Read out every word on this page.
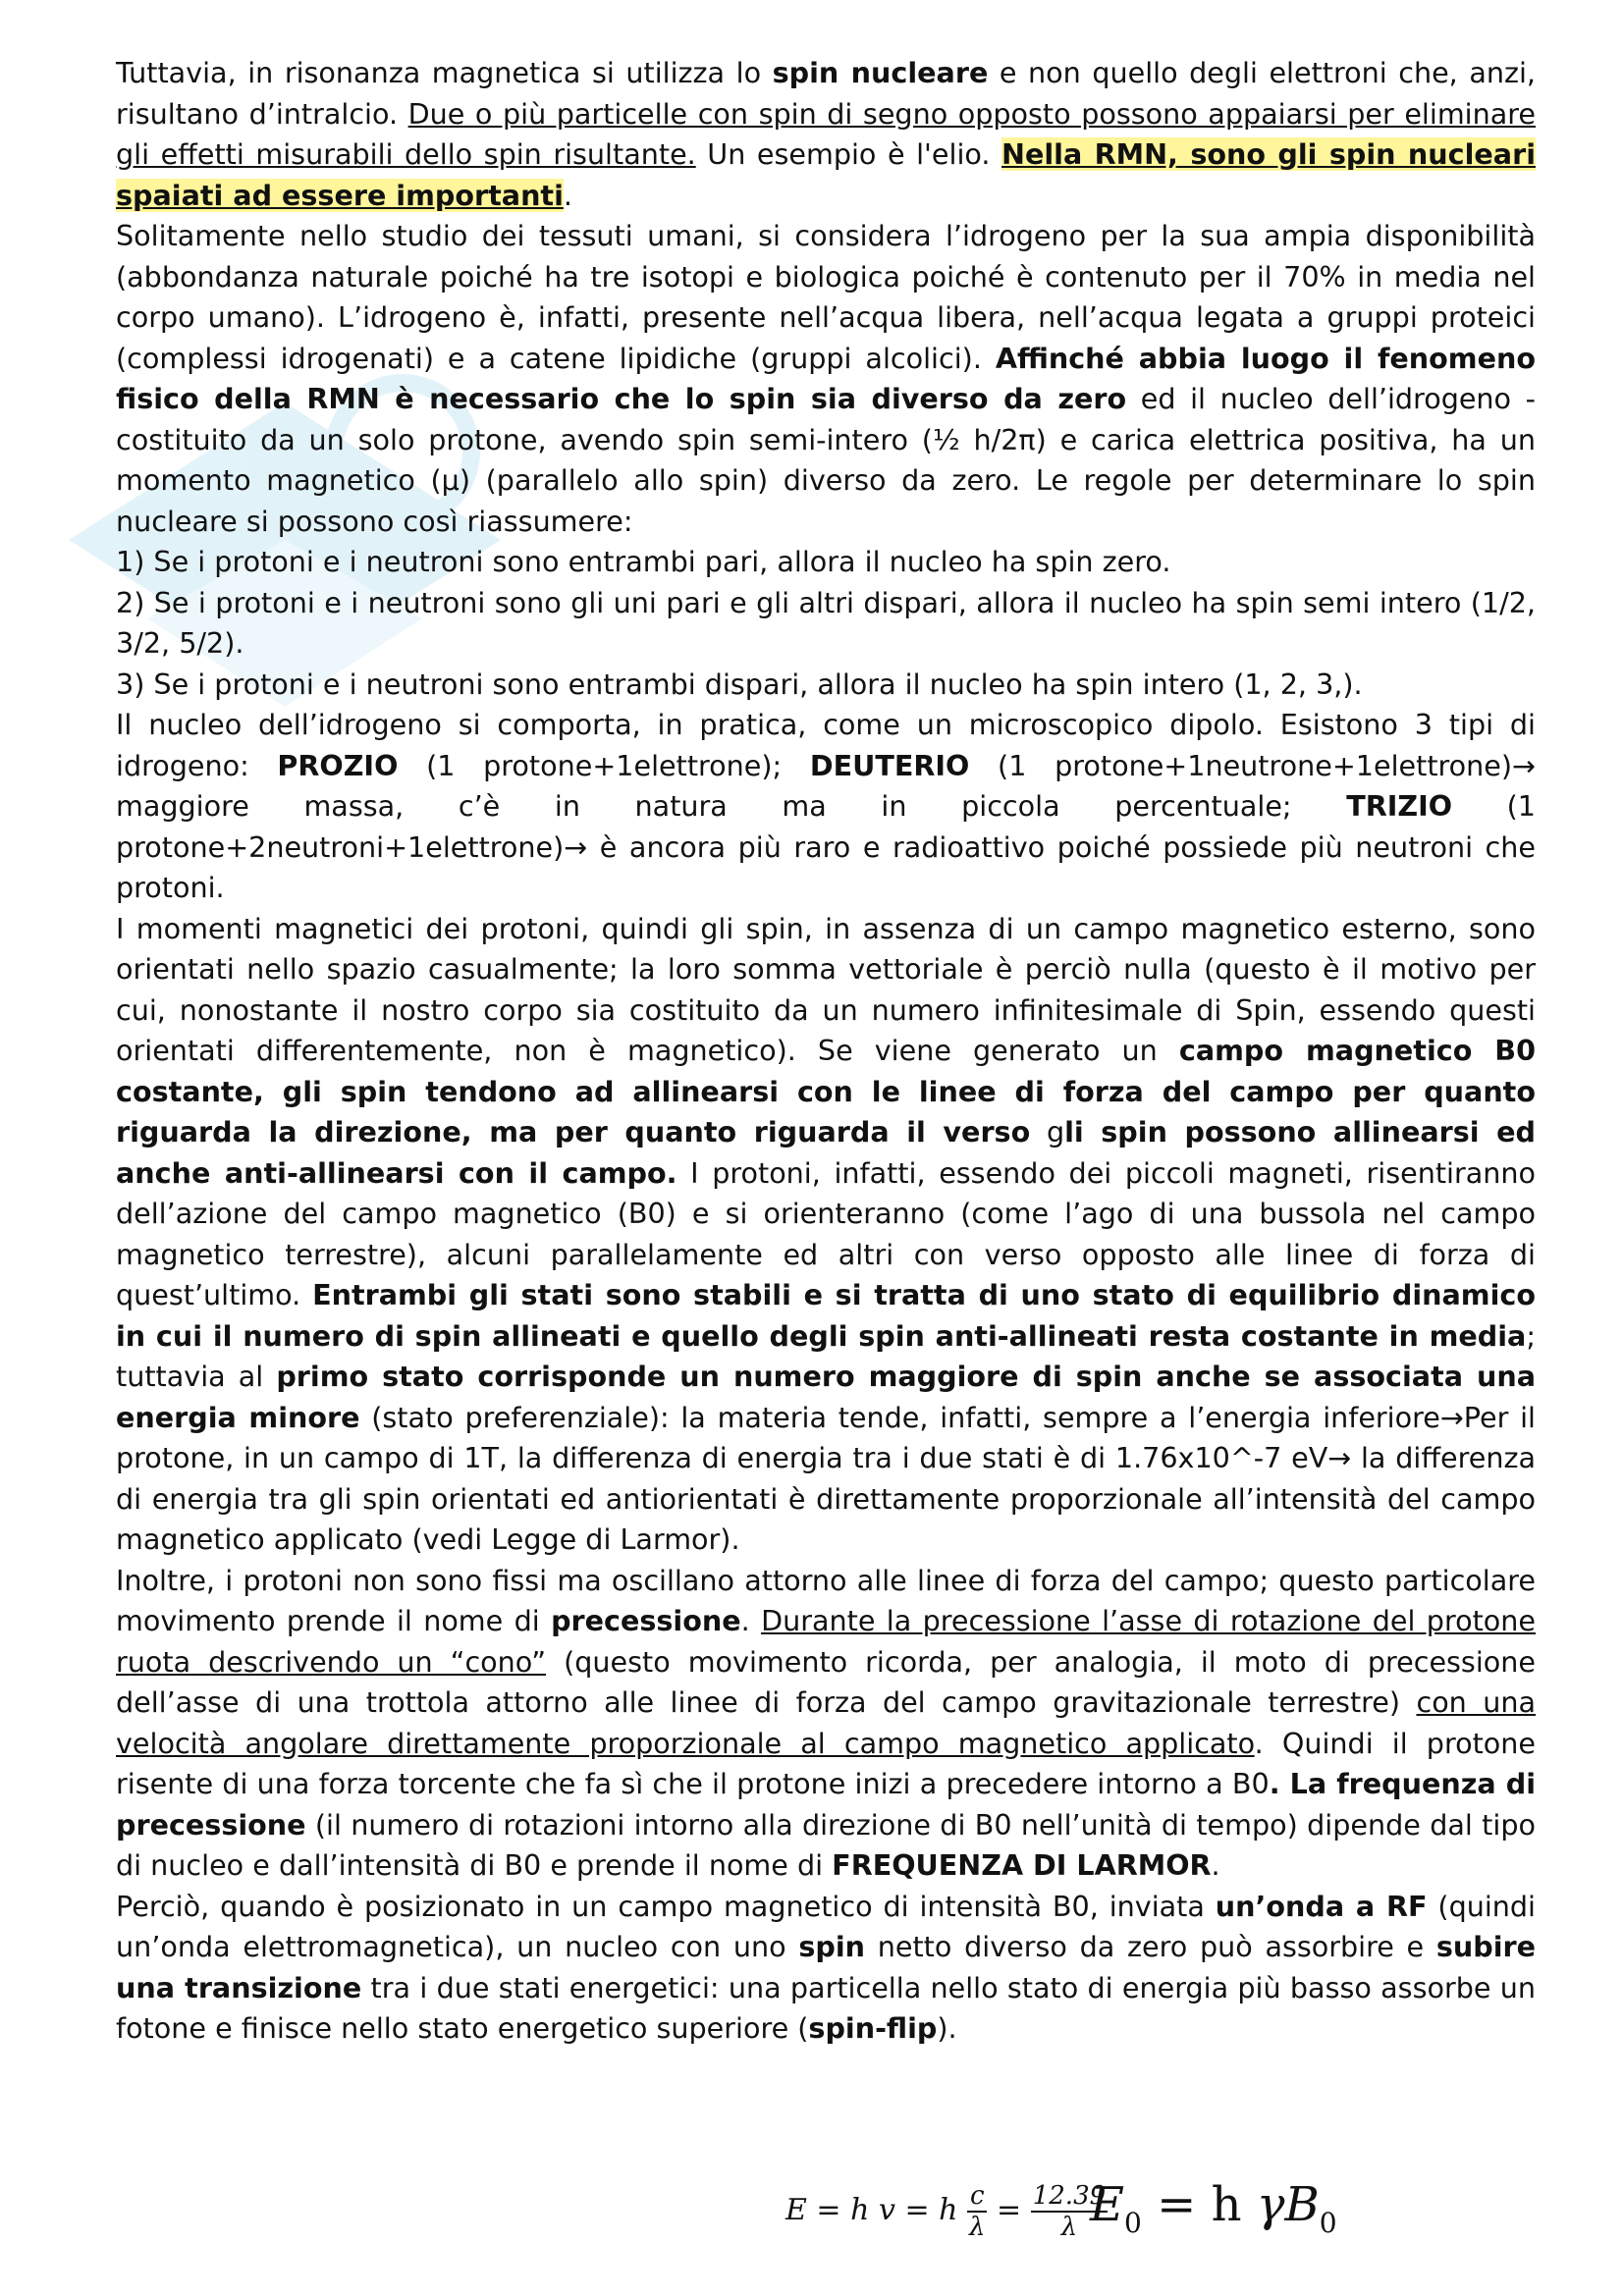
Tuttavia, in risonanza magnetica si utilizza lo spin nucleare e non quello degli elettroni che, anzi, risultano d’intralcio. Due o più particelle con spin di segno opposto possono appaiarsi per eliminare gli effetti misurabili dello spin risultante. Un esempio è l'elio. Nella RMN, sono gli spin nucleari spaiati ad essere importanti.

Solitamente nello studio dei tessuti umani, si considera l’idrogeno per la sua ampia disponibilità (abbondanza naturale poiché ha tre isotopi e biologica poiché è contenuto per il 70% in media nel corpo umano). L’idrogeno è, infatti, presente nell’acqua libera, nell’acqua legata a gruppi proteici (complessi idrogenati) e a catene lipidiche (gruppi alcolici). Affinché abbia luogo il fenomeno fisico della RMN è necessario che lo spin sia diverso da zero ed il nucleo dell’idrogeno - costituito da un solo protone, avendo spin semi-intero (½ h/2π) e carica elettrica positiva, ha un momento magnetico (µ) (parallelo allo spin) diverso da zero. Le regole per determinare lo spin nucleare si possono così riassumere:

1) Se i protoni e i neutroni sono entrambi pari, allora il nucleo ha spin zero.

2) Se i protoni e i neutroni sono gli uni pari e gli altri dispari, allora il nucleo ha spin semi intero (1/2, 3/2, 5/2).

3) Se i protoni e i neutroni sono entrambi dispari, allora il nucleo ha spin intero (1, 2, 3,).

Il nucleo dell’idrogeno si comporta, in pratica, come un microscopico dipolo. Esistono 3 tipi di idrogeno: PROZIO (1 protone+1elettrone); DEUTERIO (1 protone+1neutrone+1elettrone)→ maggiore massa, c’è in natura ma in piccola percentuale; TRIZIO (1 protone+2neutroni+1elettrone)→ è ancora più raro e radioattivo poiché possiede più neutroni che protoni.

I momenti magnetici dei protoni, quindi gli spin, in assenza di un campo magnetico esterno, sono orientati nello spazio casualmente; la loro somma vettoriale è perciò nulla (questo è il motivo per cui, nonostante il nostro corpo sia costituito da un numero infinitesimale di Spin, essendo questi orientati differentemente, non è magnetico). Se viene generato un campo magnetico B0 costante, gli spin tendono ad allinearsi con le linee di forza del campo per quanto riguarda la direzione, ma per quanto riguarda il verso gli spin possono allinearsi ed anche anti-allinearsi con il campo. I protoni, infatti, essendo dei piccoli magneti, risentiranno dell’azione del campo magnetico (B0) e si orienteranno (come l’ago di una bussola nel campo magnetico terrestre), alcuni parallelamente ed altri con verso opposto alle linee di forza di quest’ultimo. Entrambi gli stati sono stabili e si tratta di uno stato di equilibrio dinamico in cui il numero di spin allineati e quello degli spin anti-allineati resta costante in media; tuttavia al primo stato corrisponde un numero maggiore di spin anche se associata una energia minore (stato preferenziale): la materia tende, infatti, sempre a l’energia inferiore→Per il protone, in un campo di 1T, la differenza di energia tra i due stati è di 1.76x10^-7 eV→ la differenza di energia tra gli spin orientati ed antiorientati è direttamente proporzionale all’intensità del campo magnetico applicato (vedi Legge di Larmor).

Inoltre, i protoni non sono fissi ma oscillano attorno alle linee di forza del campo; questo particolare movimento prende il nome di precessione. Durante la precessione l’asse di rotazione del protone ruota descrivendo un “cono” (questo movimento ricorda, per analogia, il moto di precessione dell’asse di una trottola attorno alle linee di forza del campo gravitazionale terrestre) con una velocità angolare direttamente proporzionale al campo magnetico applicato. Quindi il protone risente di una forza torcente che fa sì che il protone inizi a precedere intorno a B0. La frequenza di precessione (il numero di rotazioni intorno alla direzione di B0 nell’unità di tempo) dipende dal tipo di nucleo e dall’intensità di B0 e prende il nome di FREQUENZA DI LARMOR.

Perciò, quando è posizionato in un campo magnetico di intensità B0, inviata un’onda a RF (quindi un’onda elettromagnetica), un nucleo con uno spin netto diverso da zero può assorbire e subire una transizione tra i due stati energetici: una particella nello stato di energia più basso assorbe un fotone e finisce nello stato energetico superiore (spin-flip).

E = h v = h $\frac{c}{\lambda} = \frac{12.39}{\lambda}$
$E_0 = h$ $\gamma B_0$
